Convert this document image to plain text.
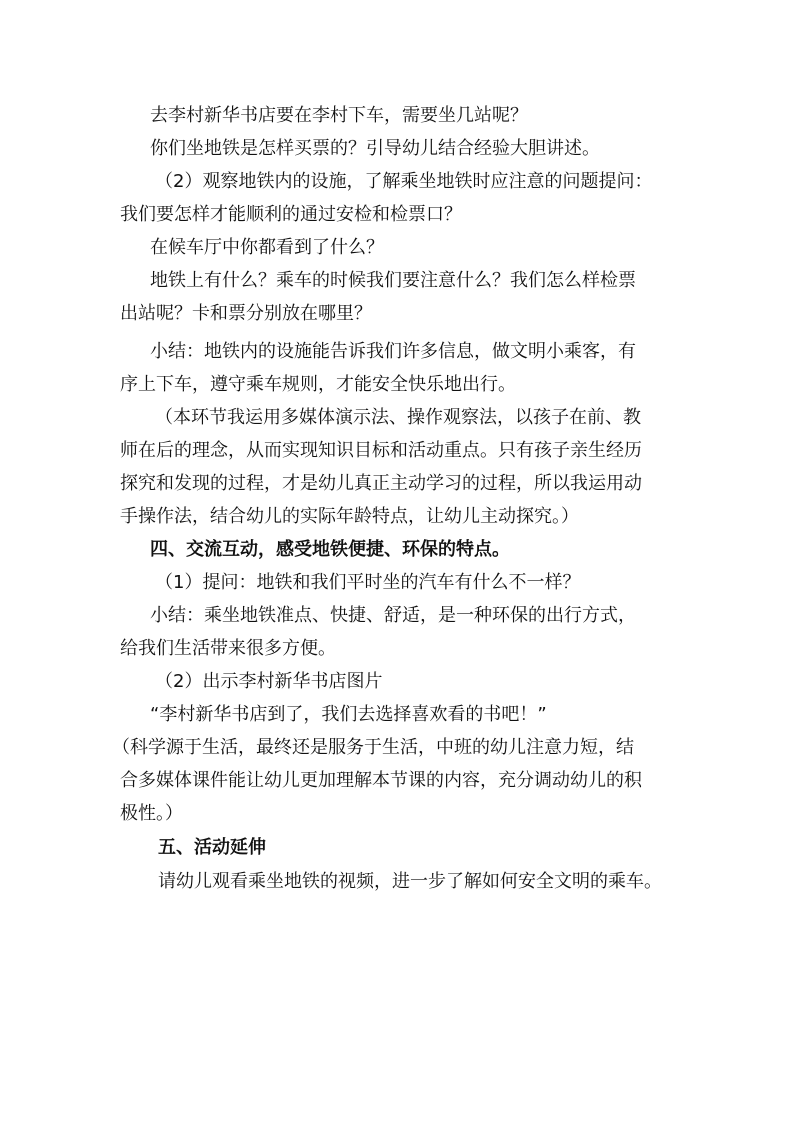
去李村新华书店要在李村下车，需要坐几站呢？
你们坐地铁是怎样买票的？引导幼儿结合经验大胆讲述。
（2）观察地铁内的设施，了解乘坐地铁时应注意的问题提问：
我们要怎样才能顺利的通过安检和检票口？
在候车厅中你都看到了什么？
地铁上有什么？乘车的时候我们要注意什么？我们怎么样检票
出站呢？卡和票分别放在哪里？
小结：地铁内的设施能告诉我们许多信息，做文明小乘客，有
序上下车，遵守乘车规则，才能安全快乐地出行。
（本环节我运用多媒体演示法、操作观察法，以孩子在前、教
师在后的理念，从而实现知识目标和活动重点。只有孩子亲生经历
探究和发现的过程，才是幼儿真正主动学习的过程，所以我运用动
手操作法，结合幼儿的实际年龄特点，让幼儿主动探究。）
四、交流互动，感受地铁便捷、环保的特点。
（1）提问：地铁和我们平时坐的汽车有什么不一样？
小结：乘坐地铁准点、快捷、舒适，是一种环保的出行方式，
给我们生活带来很多方便。
（2）出示李村新华书店图片
“李村新华书店到了，我们去选择喜欢看的书吧！”
（科学源于生活，最终还是服务于生活，中班的幼儿注意力短，结
合多媒体课件能让幼儿更加理解本节课的内容，充分调动幼儿的积
极性。）
五、活动延伸
请幼儿观看乘坐地铁的视频，进一步了解如何安全文明的乘车。
